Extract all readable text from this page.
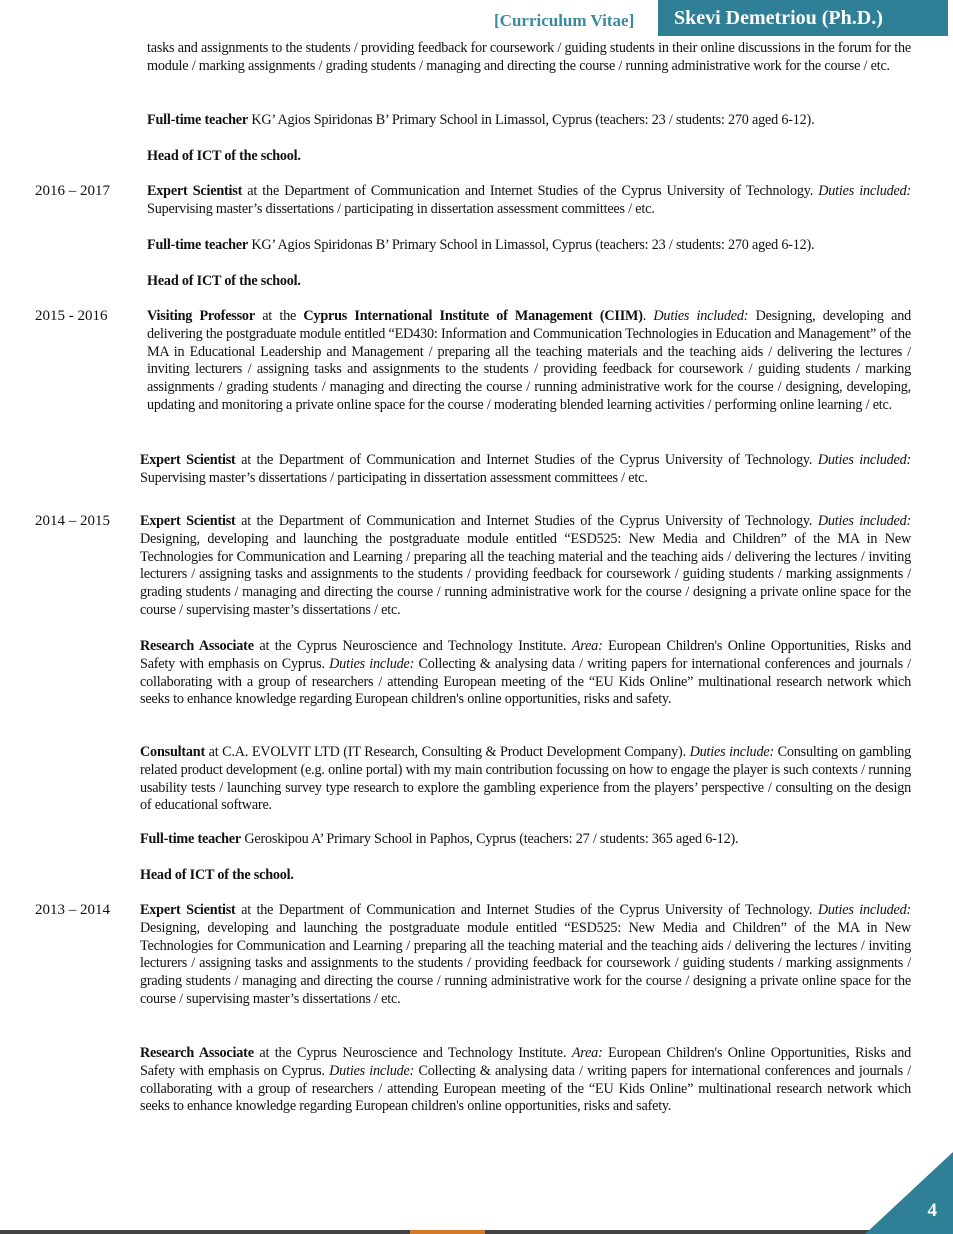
[Curriculum Vitae]	Skevi Demetriou (Ph.D.)
tasks and assignments to the students / providing feedback for coursework / guiding students in their online discussions in the forum for the module / marking assignments / grading students / managing and directing the course / running administrative work for the course / etc.
Full-time teacher KG’ Agios Spiridonas B’ Primary School in Limassol, Cyprus (teachers: 23 / students: 270 aged 6-12).
Head of ICT of the school.
2016 – 2017	Expert Scientist at the Department of Communication and Internet Studies of the Cyprus University of Technology. Duties included: Supervising master’s dissertations / participating in dissertation assessment committees / etc.
Full-time teacher KG’ Agios Spiridonas B’ Primary School in Limassol, Cyprus (teachers: 23 / students: 270 aged 6-12).
Head of ICT of the school.
2015 - 2016	Visiting Professor at the Cyprus International Institute of Management (CIIM). Duties included: Designing, developing and delivering the postgraduate module entitled “ED430: Information and Communication Technologies in Education and Management” of the MA in Educational Leadership and Management / preparing all the teaching materials and the teaching aids / delivering the lectures / inviting lecturers / assigning tasks and assignments to the students / providing feedback for coursework / guiding students / marking assignments / grading students / managing and directing the course / running administrative work for the course / designing, developing, updating and monitoring a private online space for the course / moderating blended learning activities / performing online learning / etc.
Expert Scientist at the Department of Communication and Internet Studies of the Cyprus University of Technology. Duties included: Supervising master’s dissertations / participating in dissertation assessment committees / etc.
2014 – 2015 Expert Scientist at the Department of Communication and Internet Studies of the Cyprus University of Technology. Duties included: Designing, developing and launching the postgraduate module entitled “ESD525: New Media and Children” of the MA in New Technologies for Communication and Learning / preparing all the teaching material and the teaching aids / delivering the lectures / inviting lecturers / assigning tasks and assignments to the students / providing feedback for coursework / guiding students / marking assignments / grading students / managing and directing the course / running administrative work for the course / designing a private online space for the course / supervising master’s dissertations / etc.
Research Associate at the Cyprus Neuroscience and Technology Institute. Area: European Children's Online Opportunities, Risks and Safety with emphasis on Cyprus. Duties include: Collecting & analysing data / writing papers for international conferences and journals / collaborating with a group of researchers / attending European meeting of the “EU Kids Online” multinational research network which seeks to enhance knowledge regarding European children's online opportunities, risks and safety.
Consultant at C.A. EVOLVIT LTD (IT Research, Consulting & Product Development Company). Duties include: Consulting on gambling related product development (e.g. online portal) with my main contribution focussing on how to engage the player is such contexts / running usability tests / launching survey type research to explore the gambling experience from the players’ perspective / consulting on the design of educational software.
Full-time teacher Geroskipou A’ Primary School in Paphos, Cyprus (teachers: 27 / students: 365 aged 6-12).
Head of ICT of the school.
2013 – 2014 Expert Scientist at the Department of Communication and Internet Studies of the Cyprus University of Technology. Duties included: Designing, developing and launching the postgraduate module entitled “ESD525: New Media and Children” of the MA in New Technologies for Communication and Learning / preparing all the teaching material and the teaching aids / delivering the lectures / inviting lecturers / assigning tasks and assignments to the students / providing feedback for coursework / guiding students / marking assignments / grading students / managing and directing the course / running administrative work for the course / designing a private online space for the course / supervising master’s dissertations / etc.
Research Associate at the Cyprus Neuroscience and Technology Institute. Area: European Children's Online Opportunities, Risks and Safety with emphasis on Cyprus. Duties include: Collecting & analysing data / writing papers for international conferences and journals / collaborating with a group of researchers / attending European meeting of the “EU Kids Online” multinational research network which seeks to enhance knowledge regarding European children's online opportunities, risks and safety.
4
